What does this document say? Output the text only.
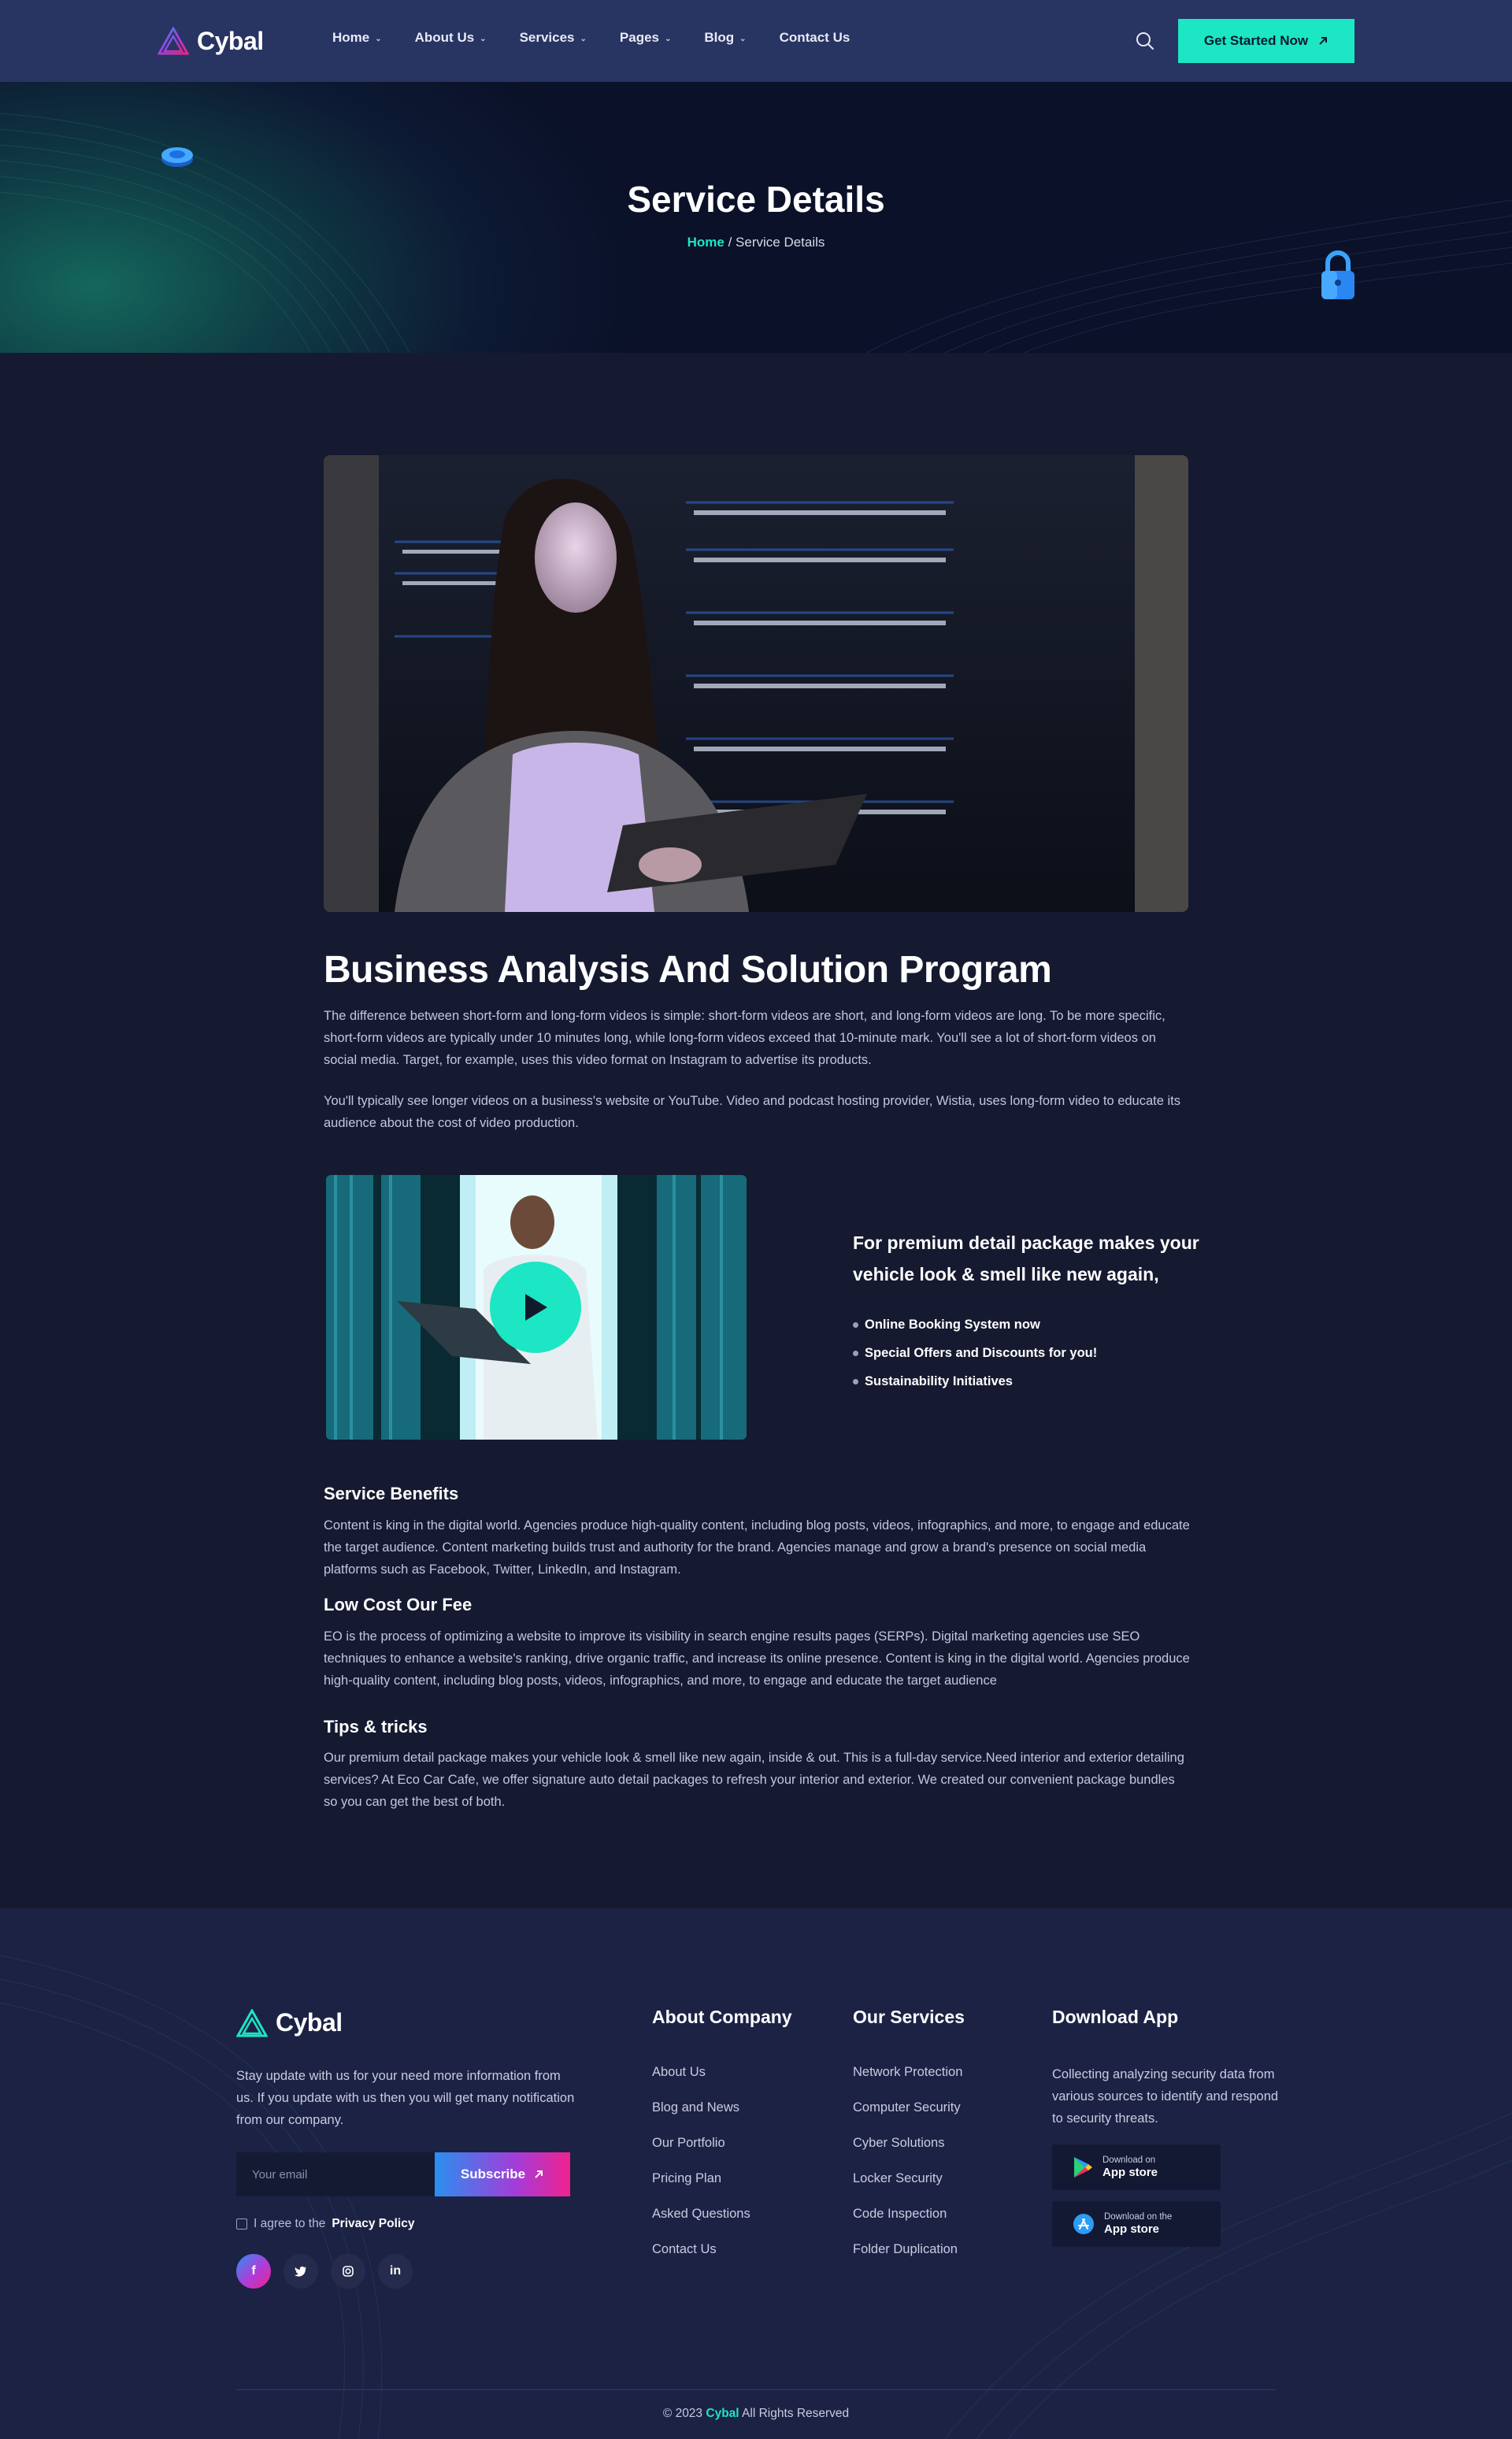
Cybal	Home ⌄ About Us ⌄ Services ⌄ Pages ⌄ Blog ⌄ Contact Us	Get Started Now
Service Details
Home / Service Details
Business Analysis And Solution Program
The difference between short-form and long-form videos is simple: short-form videos are short, and long-form videos are long. To be more specific, short-form videos are typically under 10 minutes long, while long-form videos exceed that 10-minute mark. You'll see a lot of short-form videos on social media. Target, for example, uses this video format on Instagram to advertise its products.
You'll typically see longer videos on a business's website or YouTube. Video and podcast hosting provider, Wistia, uses long-form video to educate its audience about the cost of video production.
For premium detail package makes your vehicle look & smell like new again,
Online Booking System now
Special Offers and Discounts for you!
Sustainability Initiatives
Service Benefits
Content is king in the digital world. Agencies produce high-quality content, including blog posts, videos, infographics, and more, to engage and educate the target audience. Content marketing builds trust and authority for the brand. Agencies manage and grow a brand's presence on social media platforms such as Facebook, Twitter, LinkedIn, and Instagram.
Low Cost Our Fee
EO is the process of optimizing a website to improve its visibility in search engine results pages (SERPs). Digital marketing agencies use SEO techniques to enhance a website's ranking, drive organic traffic, and increase its online presence. Content is king in the digital world. Agencies produce high-quality content, including blog posts, videos, infographics, and more, to engage and educate the target audience
Tips & tricks
Our premium detail package makes your vehicle look & smell like new again, inside & out. This is a full-day service.Need interior and exterior detailing services? At Eco Car Cafe, we offer signature auto detail packages to refresh your interior and exterior. We created our convenient package bundles so you can get the best of both.
Cybal
Stay update with us for your need more information from us. If you update with us then you will get many notification from our company.
Your email	Subscribe
I agree to the Privacy Policy
f	in
About Company
About Us
Blog and News
Our Portfolio
Pricing Plan
Asked Questions
Contact Us
Our Services
Network Protection
Computer Security
Cyber Solutions
Locker Security
Code Inspection
Folder Duplication
Download App
Collecting analyzing security data from various sources to identify and respond to security threats.
Download on
App store
Download on the
App store
© 2023 Cybal All Rights Reserved
